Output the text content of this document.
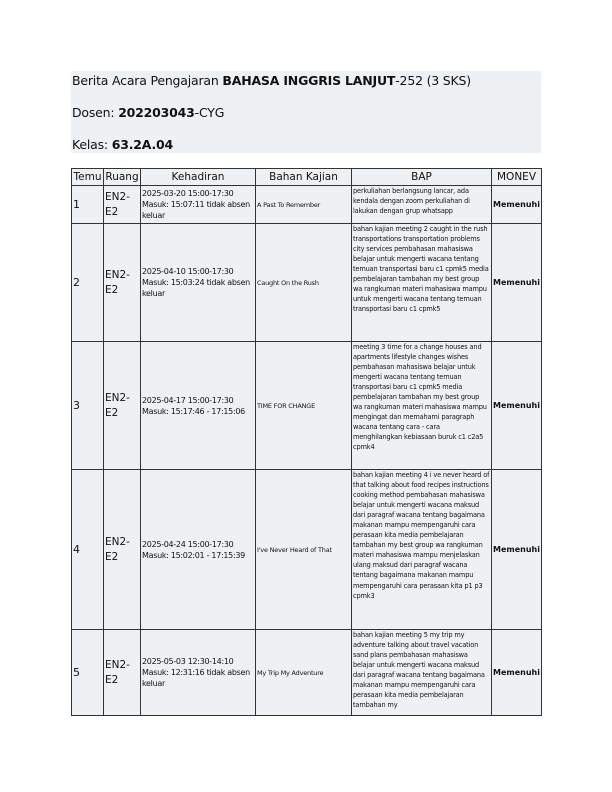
Berita Acara Pengajaran BAHASA INGGRIS LANJUT-252 (3 SKS)
Dosen: 202203043-CYG
Kelas: 63.2A.04
Temu	Ruang	Kehadiran	Bahan Kajian	BAP	MONEV
1	EN2-E2	2025-03-20 15:00-17:30 Masuk: 15:07:11 tidak absen keluar	A Past To Remember	perkuliahan berlangsung lancar, ada kendala dengan zoom perkuliahan di lakukan dengan grup whatsapp	Memenuhi
2	EN2-E2	2025-04-10 15:00-17:30 Masuk: 15:03:24 tidak absen keluar	Caught On the Rush	bahan kajian meeting 2 caught in the rush transportations transportation problems city services pembahasan mahasiswa belajar untuk mengerti wacana tentang temuan transportasi baru c1 cpmk5 media pembelajaran tambahan my best group wa rangkuman materi mahasiswa mampu untuk mengerti wacana tentang temuan transportasi baru c1 cpmk5	Memenuhi
3	EN2-E2	2025-04-17 15:00-17:30 Masuk: 15:17:46 - 17:15:06	TIME FOR CHANGE	meeting 3 time for a change houses and apartments lifestyle changes wishes pembahasan mahasiswa belajar untuk mengerti wacana tentang temuan transportasi baru c1 cpmk5 media pembelajaran tambahan my best group wa rangkuman materi mahasiswa mampu mengingat dan memahami paragraph wacana tentang cara - cara menghilangkan kebiasaan buruk c1 c2a5 cpmk4	Memenuhi
4	EN2-E2	2025-04-24 15:00-17:30 Masuk: 15:02:01 - 17:15:39	I've Never Heard of That	bahan kajian meeting 4 i ve never heard of that talking about food recipes instructions cooking method pembahasan mahasiswa belajar untuk mengerti wacana maksud dari paragraf wacana tentang bagaimana makanan mampu mempengaruhi cara perasaan kita media pembelajaran tambahan my best group wa rangkuman materi mahasiswa mampu menjelaskan ulang maksud dari paragraf wacana tentang bagaimana makanan mampu mempengaruhi cara perasaan kita p1 p3 cpmk3	Memenuhi
5	EN2-E2	2025-05-03 12:30-14:10 Masuk: 12:31:16 tidak absen keluar	My Trip My Adventure	bahan kajian meeting 5 my trip my adventure talking about travel vacation sand plans pembahasan mahasiswa belajar untuk mengerti wacana maksud dari paragraf wacana tentang bagaimana makanan mampu mempengaruhi cara perasaan kita media pembelajaran tambahan my	Memenuhi
